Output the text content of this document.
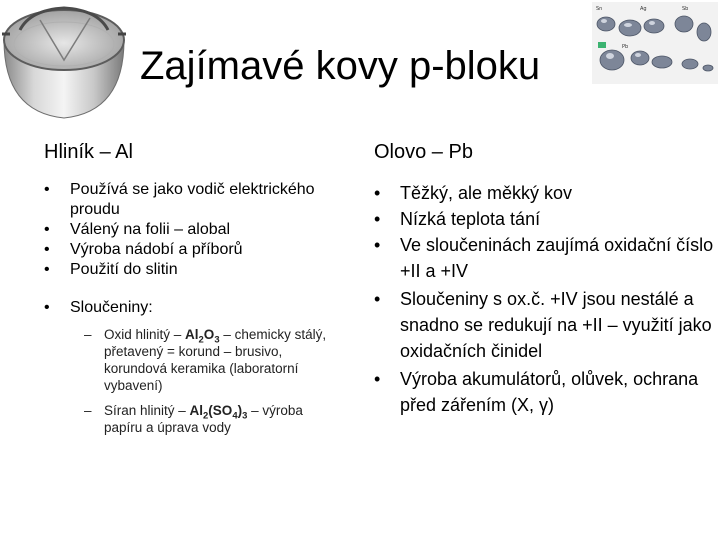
Sn	Ag	Sb
Pb
Zajímavé kovy p-bloku
Hliník – Al
• Používá se jako vodič elektrického proudu
• Válený na folii – alobal
• Výroba nádobí a příborů
• Použití do slitin
• Sloučeniny:
– Oxid hlinitý – $Al_2O_3$ – chemicky stálý, přetavený = korund – brusivo, korundová keramika (laboratorní vybavení)
– Síran hlinitý – $Al_2(SO_4)_3$ – výroba papíru a úprava vody
Olovo – Pb
• Těžký, ale měkký kov
• Nízká teplota tání
• Ve sloučeninách zaujímá oxidační číslo +II a +IV
• Sloučeniny s ox.č. +IV jsou nestálé a snadno se redukují na +II – využití jako oxidačních činidel
• Výroba akumulátorů, olůvek, ochrana před zářením (X, γ)
